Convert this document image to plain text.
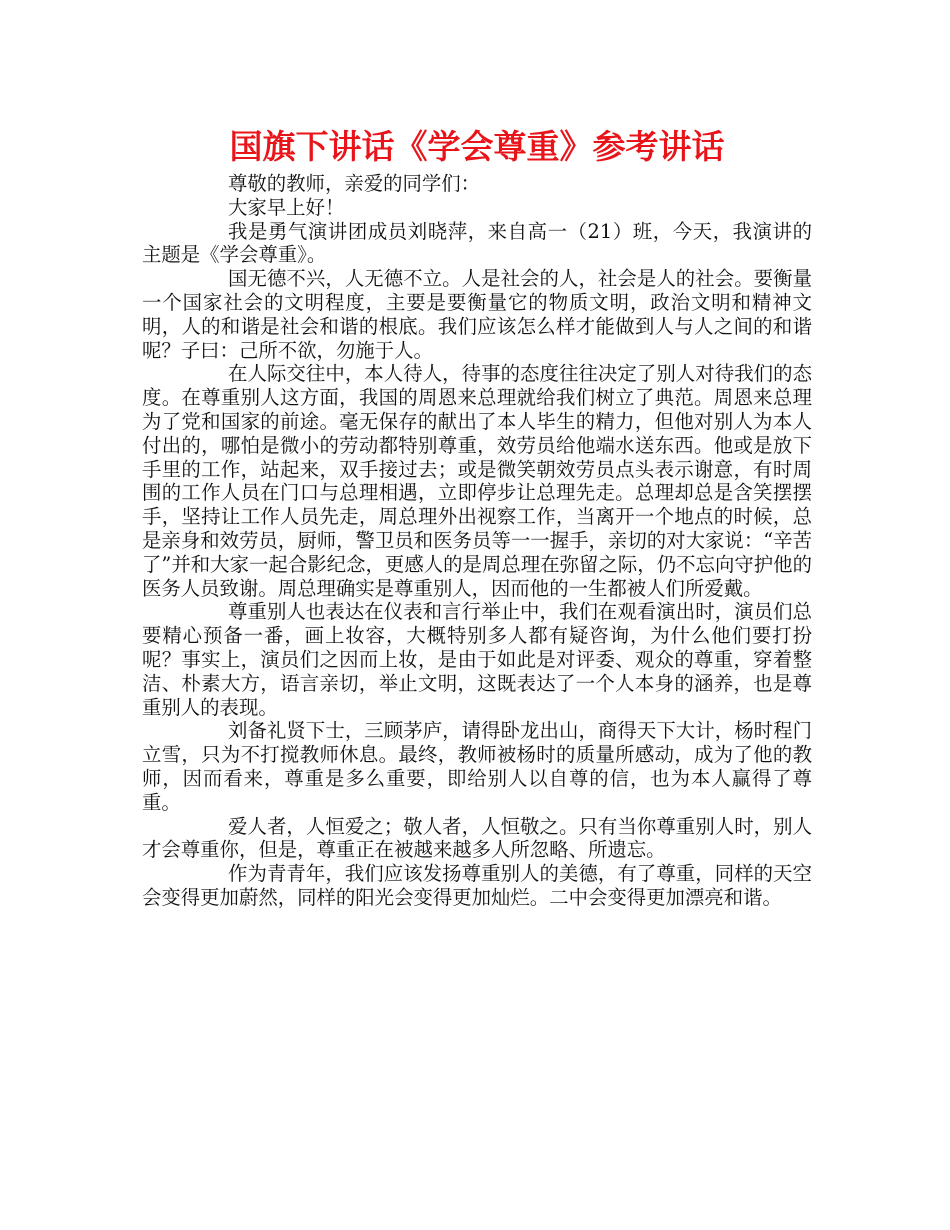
国旗下讲话《学会尊重》参考讲话

尊敬的教师，亲爱的同学们：

大家早上好！

我是勇气演讲团成员刘晓萍，来自高一（21）班，今天，我演讲的主题是《学会尊重》。

国无德不兴，人无德不立。人是社会的人，社会是人的社会。要衡量一个国家社会的文明程度，主要是要衡量它的物质文明，政治文明和精神文明，人的和谐是社会和谐的根底。我们应该怎么样才能做到人与人之间的和谐呢？子曰：己所不欲，勿施于人。

在人际交往中，本人待人，待事的态度往往决定了别人对待我们的态度。在尊重别人这方面，我国的周恩来总理就给我们树立了典范。周恩来总理为了党和国家的前途。毫无保存的献出了本人毕生的精力，但他对别人为本人付出的，哪怕是微小的劳动都特别尊重，效劳员给他端水送东西。他或是放下手里的工作，站起来，双手接过去；或是微笑朝效劳员点头表示谢意，有时周围的工作人员在门口与总理相遇，立即停步让总理先走。总理却总是含笑摆摆手，坚持让工作人员先走，周总理外出视察工作，当离开一个地点的时候，总是亲身和效劳员，厨师，警卫员和医务员等一一握手，亲切的对大家说：“辛苦了”并和大家一起合影纪念，更感人的是周总理在弥留之际，仍不忘向守护他的医务人员致谢。周总理确实是尊重别人，因而他的一生都被人们所爱戴。

尊重别人也表达在仪表和言行举止中，我们在观看演出时，演员们总要精心预备一番，画上妆容，大概特别多人都有疑咨询，为什么他们要打扮呢？事实上，演员们之因而上妆，是由于如此是对评委、观众的尊重，穿着整洁、朴素大方，语言亲切，举止文明，这既表达了一个人本身的涵养，也是尊重别人的表现。

刘备礼贤下士，三顾茅庐，请得卧龙出山，商得天下大计，杨时程门立雪，只为不打搅教师休息。最终，教师被杨时的质量所感动，成为了他的教师，因而看来，尊重是多么重要，即给别人以自尊的信，也为本人赢得了尊重。

爱人者，人恒爱之；敬人者，人恒敬之。只有当你尊重别人时，别人才会尊重你，但是，尊重正在被越来越多人所忽略、所遗忘。

作为青青年，我们应该发扬尊重别人的美德，有了尊重，同样的天空会变得更加蔚然，同样的阳光会变得更加灿烂。二中会变得更加漂亮和谐。
